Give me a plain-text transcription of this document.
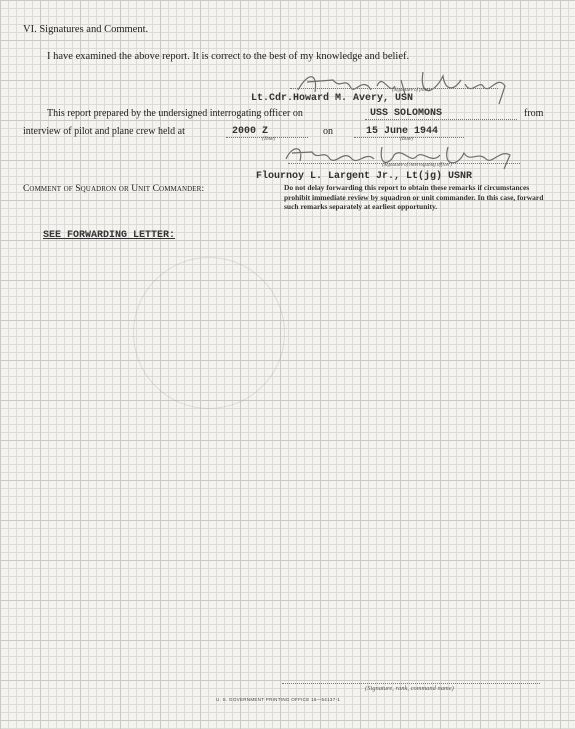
VI. Signatures and Comment.
I have examined the above report. It is correct to the best of my knowledge and belief.
(Signature of pilot)
Lt.Cdr.Howard M. Avery, USN
This report prepared by the undersigned interrogating officer on	USS SOLOMONS	from
interview of pilot and plane crew held at	2000 Z
(Time)
on	15 June 1944
(Date)
(Signature of interrogating officer)
Flournoy L. Largent Jr., Lt(jg) USNR
Comment of Squadron or Unit Commander:	Do not delay forwarding this report to obtain these remarks if circumstances prohibit immediate review by squadron or unit commander. In this case, forward such remarks separately at earliest opportunity.
SEE FORWARDING LETTER:
(Signature, rank, command name)
U. S. GOVERNMENT PRINTING OFFICE 16—54137-1
